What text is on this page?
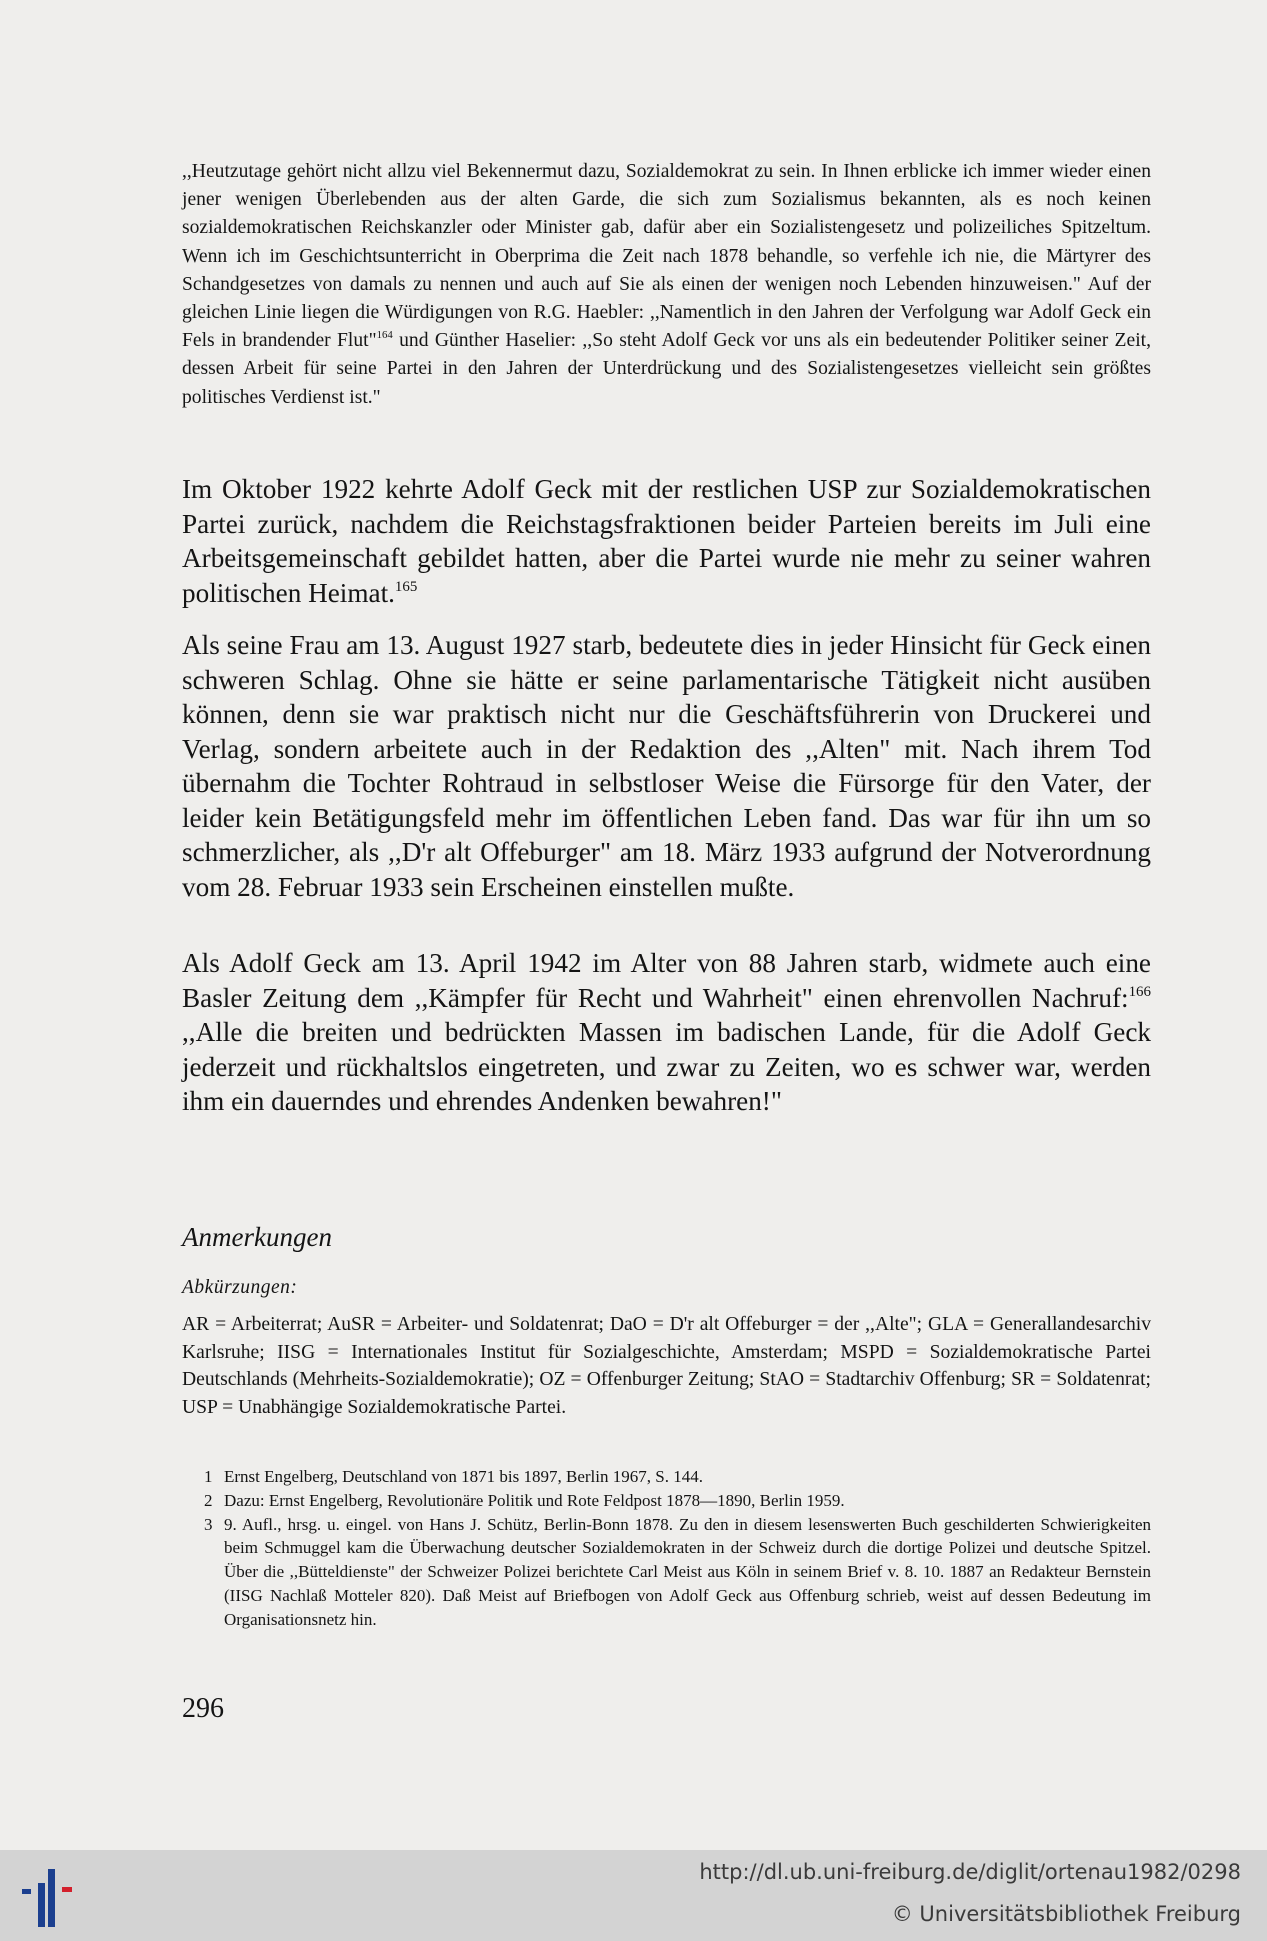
,,Heutzutage gehört nicht allzu viel Bekennermut dazu, Sozialdemokrat zu sein. In Ihnen erblicke ich immer wieder einen jener wenigen Überlebenden aus der alten Garde, die sich zum Sozialismus bekannten, als es noch keinen sozialdemokratischen Reichskanzler oder Minister gab, dafür aber ein Sozialistengesetz und polizeiliches Spitzeltum. Wenn ich im Geschichtsunterricht in Oberprima die Zeit nach 1878 behandle, so verfehle ich nie, die Märtyrer des Schandgesetzes von damals zu nennen und auch auf Sie als einen der wenigen noch Lebenden hinzuweisen." Auf der gleichen Linie liegen die Würdigungen von R.G. Haebler: ,,Namentlich in den Jahren der Verfolgung war Adolf Geck ein Fels in brandender Flut"$^{164}$ und Günther Haselier: ,,So steht Adolf Geck vor uns als ein bedeutender Politiker seiner Zeit, dessen Arbeit für seine Partei in den Jahren der Unterdrückung und des Sozialistengesetzes vielleicht sein größtes politisches Verdienst ist."
Im Oktober 1922 kehrte Adolf Geck mit der restlichen USP zur Sozialdemokratischen Partei zurück, nachdem die Reichstagsfraktionen beider Parteien bereits im Juli eine Arbeitsgemeinschaft gebildet hatten, aber die Partei wurde nie mehr zu seiner wahren politischen Heimat.$^{165}$
Als seine Frau am 13. August 1927 starb, bedeutete dies in jeder Hinsicht für Geck einen schweren Schlag. Ohne sie hätte er seine parlamentarische Tätigkeit nicht ausüben können, denn sie war praktisch nicht nur die Geschäftsführerin von Druckerei und Verlag, sondern arbeitete auch in der Redaktion des ,,Alten" mit. Nach ihrem Tod übernahm die Tochter Rohtraud in selbstloser Weise die Fürsorge für den Vater, der leider kein Betätigungsfeld mehr im öffentlichen Leben fand. Das war für ihn um so schmerzlicher, als ,,D'r alt Offeburger" am 18. März 1933 aufgrund der Notverordnung vom 28. Februar 1933 sein Erscheinen einstellen mußte.
Als Adolf Geck am 13. April 1942 im Alter von 88 Jahren starb, widmete auch eine Basler Zeitung dem ,,Kämpfer für Recht und Wahrheit" einen ehrenvollen Nachruf:$^{166}$ ,,Alle die breiten und bedrückten Massen im badischen Lande, für die Adolf Geck jederzeit und rückhaltslos eingetreten, und zwar zu Zeiten, wo es schwer war, werden ihm ein dauerndes und ehrendes Andenken bewahren!"
Anmerkungen
Abkürzungen:
AR = Arbeiterrat; AuSR = Arbeiter- und Soldatenrat; DaO = D'r alt Offeburger = der ,,Alte"; GLA = Generallandesarchiv Karlsruhe; IISG = Internationales Institut für Sozialgeschichte, Amsterdam; MSPD = Sozialdemokratische Partei Deutschlands (Mehrheits-Sozialdemokratie); OZ = Offenburger Zeitung; StAO = Stadtarchiv Offenburg; SR = Soldatenrat; USP = Unabhängige Sozialdemokratische Partei.
1 Ernst Engelberg, Deutschland von 1871 bis 1897, Berlin 1967, S. 144.
2 Dazu: Ernst Engelberg, Revolutionäre Politik und Rote Feldpost 1878—1890, Berlin 1959.
3 9. Aufl., hrsg. u. eingel. von Hans J. Schütz, Berlin-Bonn 1878. Zu den in diesem lesenswerten Buch geschilderten Schwierigkeiten beim Schmuggel kam die Überwachung deutscher Sozialdemokraten in der Schweiz durch die dortige Polizei und deutsche Spitzel. Über die ,,Bütteldienste" der Schweizer Polizei berichtete Carl Meist aus Köln in seinem Brief v. 8. 10. 1887 an Redakteur Bernstein (IISG Nachlaß Motteler 820). Daß Meist auf Briefbogen von Adolf Geck aus Offenburg schrieb, weist auf dessen Bedeutung im Organisationsnetz hin.
296
http://dl.ub.uni-freiburg.de/diglit/ortenau1982/0298
© Universitätsbibliothek Freiburg
